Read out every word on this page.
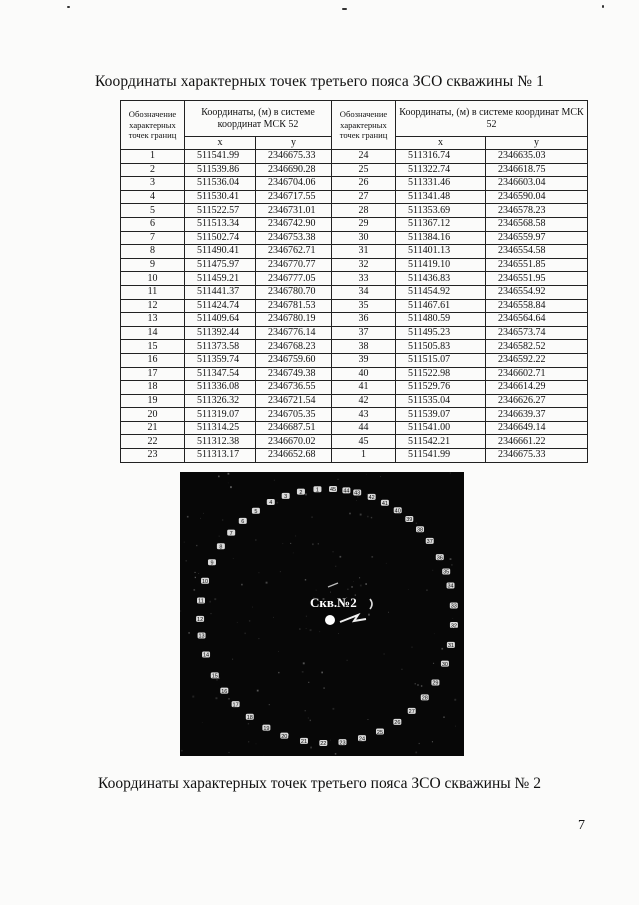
Координаты характерных точек третьего пояса ЗСО скважины № 1
Обозначение характерных точек границ	Координаты, (м) в системе координат МСК 52		Обозначение характерных точек границ	Координаты, (м) в системе координат МСК 52	
	x	y		x	y
1	511541.99	2346675.33	24	511316.74	2346635.03
2	511539.86	2346690.28	25	511322.74	2346618.75
3	511536.04	2346704.06	26	511331.46	2346603.04
4	511530.41	2346717.55	27	511341.48	2346590.04
5	511522.57	2346731.01	28	511353.69	2346578.23
6	511513.34	2346742.90	29	511367.12	2346568.58
7	511502.74	2346753.38	30	511384.16	2346559.97
8	511490.41	2346762.71	31	511401.13	2346554.58
9	511475.97	2346770.77	32	511419.10	2346551.85
10	511459.21	2346777.05	33	511436.83	2346551.95
11	511441.37	2346780.70	34	511454.92	2346554.92
12	511424.74	2346781.53	35	511467.61	2346558.84
13	511409.64	2346780.19	36	511480.59	2346564.64
14	511392.44	2346776.14	37	511495.23	2346573.74
15	511373.58	2346768.23	38	511505.83	2346582.52
16	511359.74	2346759.60	39	511515.07	2346592.22
17	511347.54	2346749.38	40	511522.98	2346602.71
18	511336.08	2346736.55	41	511529.76	2346614.29
19	511326.32	2346721.54	42	511535.04	2346626.27
20	511319.07	2346705.35	43	511539.07	2346639.37
21	511314.25	2346687.51	44	511541.00	2346649.14
22	511312.38	2346670.02	45	511542.21	2346661.22
23	511313.17	2346652.68	1	511541.99	2346675.33
1
2
3
4
5
6
7
8
9
10
11
12
13
14
15
16
17
18
19
20
21 22 23
24
25
26
27
28
29
30
31
32
33
34
35
36
37
38
39
40
41
42
43
44
45
Скв.№2
Координаты характерных точек третьего пояса ЗСО скважины № 2
7
